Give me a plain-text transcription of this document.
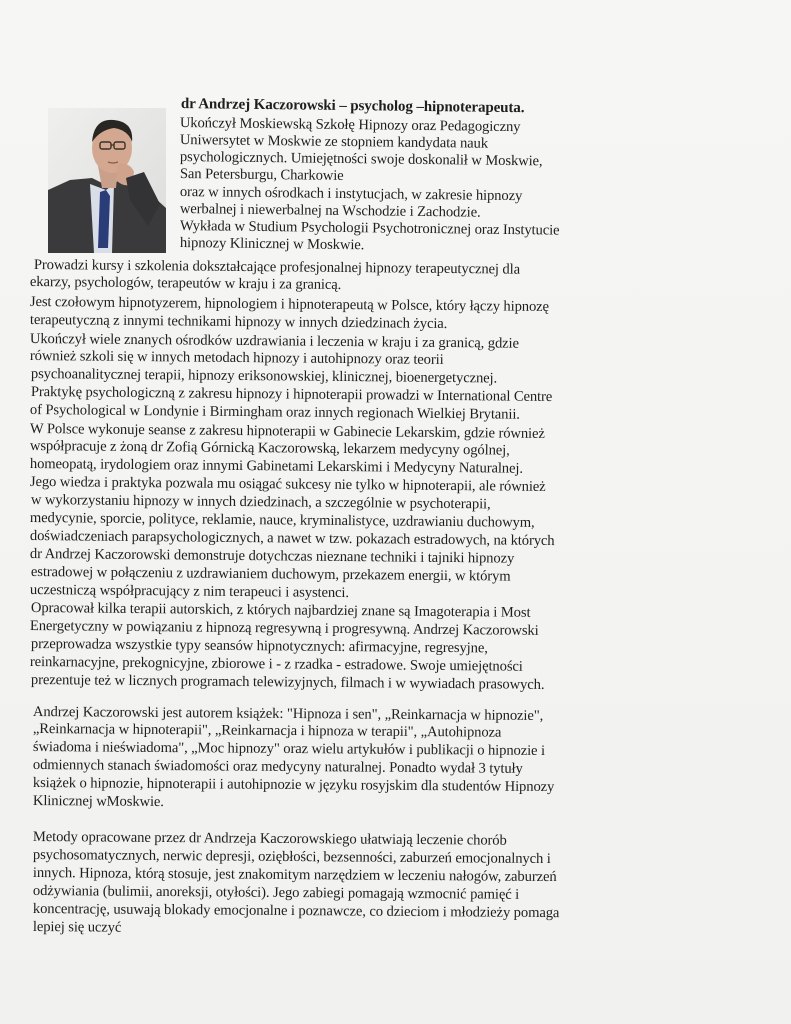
dr Andrzej Kaczorowski – psycholog –hipnoterapeuta.
Ukończył Moskiewską Szkołę Hipnozy oraz Pedagogiczny
Uniwersytet w Moskwie ze stopniem kandydata nauk
psychologicznych. Umiejętności swoje doskonalił w Moskwie,
San Petersburgu, Charkowie
oraz w innych ośrodkach i instytucjach, w zakresie hipnozy
werbalnej i niewerbalnej na Wschodzie i Zachodzie.
Wykłada w Studium Psychologii Psychotronicznej oraz Instytucie
hipnozy Klinicznej w Moskwie.
Prowadzi kursy i szkolenia dokształcające profesjonalnej hipnozy terapeutycznej dla
ekarzy, psychologów, terapeutów w kraju i za granicą.
Jest czołowym hipnotyzerem, hipnologiem i hipnoterapeutą w Polsce, który łączy hipnozę
terapeutyczną z innymi technikami hipnozy w innych dziedzinach życia.
Ukończył wiele znanych ośrodków uzdrawiania i leczenia w kraju i za granicą, gdzie
również szkoli się w innych metodach hipnozy i autohipnozy oraz teorii
psychoanalitycznej terapii, hipnozy eriksonowskiej, klinicznej, bioenergetycznej.
Praktykę psychologiczną z zakresu hipnozy i hipnoterapii prowadzi w International Centre
of Psychological w Londynie i Birmingham oraz innych regionach Wielkiej Brytanii.
W Polsce wykonuje seanse z zakresu hipnoterapii w Gabinecie Lekarskim, gdzie również
współpracuje z żoną dr Zofią Górnicką Kaczorowską, lekarzem medycyny ogólnej,
homeopatą, irydologiem oraz innymi Gabinetami Lekarskimi i Medycyny Naturalnej.
Jego wiedza i praktyka pozwala mu osiągać sukcesy nie tylko w hipnoterapii, ale również
w wykorzystaniu hipnozy w innych dziedzinach, a szczególnie w psychoterapii,
medycynie, sporcie, polityce, reklamie, nauce, kryminalistyce, uzdrawianiu duchowym,
doświadczeniach parapsychologicznych, a nawet w tzw. pokazach estradowych, na których
dr Andrzej Kaczorowski demonstruje dotychczas nieznane techniki i tajniki hipnozy
estradowej w połączeniu z uzdrawianiem duchowym, przekazem energii, w którym
uczestniczą współpracujący z nim terapeuci i asystenci.
Opracował kilka terapii autorskich, z których najbardziej znane są Imagoterapia i Most
Energetyczny w powiązaniu z hipnozą regresywną i progresywną. Andrzej Kaczorowski
przeprowadza wszystkie typy seansów hipnotycznych: afirmacyjne, regresyjne,
reinkarnacyjne, prekognicyjne, zbiorowe i - z rzadka - estradowe. Swoje umiejętności
prezentuje też w licznych programach telewizyjnych, filmach i w wywiadach prasowych.
Andrzej Kaczorowski jest autorem książek: "Hipnoza i sen", „Reinkarnacja w hipnozie",
„Reinkarnacja w hipnoterapii", „Reinkarnacja i hipnoza w terapii", „Autohipnoza
świadoma i nieświadoma", „Moc hipnozy" oraz wielu artykułów i publikacji o hipnozie i
odmiennych stanach świadomości oraz medycyny naturalnej. Ponadto wydał 3 tytuły
książek o hipnozie, hipnoterapii i autohipnozie w języku rosyjskim dla studentów Hipnozy
Klinicznej wMoskwie.
Metody opracowane przez dr Andrzeja Kaczorowskiego ułatwiają leczenie chorób
psychosomatycznych, nerwic depresji, oziębłości, bezsenności, zaburzeń emocjonalnych i
innych. Hipnoza, którą stosuje, jest znakomitym narzędziem w leczeniu nałogów, zaburzeń
odżywiania (bulimii, anoreksji, otyłości). Jego zabiegi pomagają wzmocnić pamięć i
koncentrację, usuwają blokady emocjonalne i poznawcze, co dzieciom i młodzieży pomaga
lepiej się uczyć
